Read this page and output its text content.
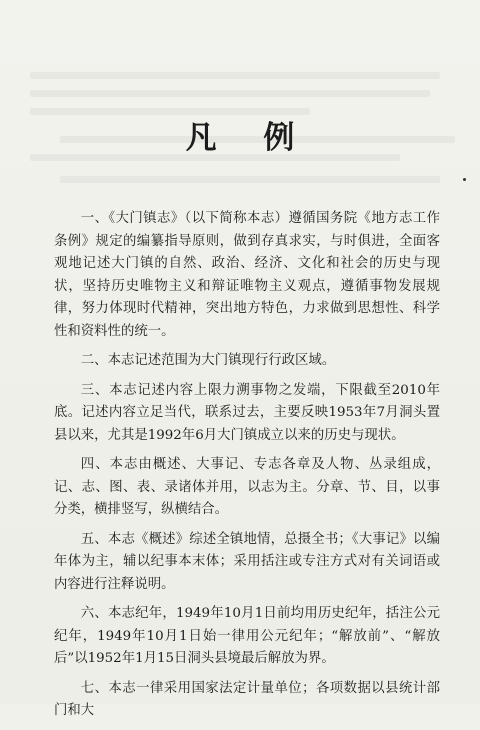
凡 例

一、《大门镇志》（以下简称本志）遵循国务院《地方志工作条例》规定的编纂指导原则，做到存真求实，与时俱进，全面客观地记述大门镇的自然、政治、经济、文化和社会的历史与现状，坚持历史唯物主义和辩证唯物主义观点，遵循事物发展规律，努力体现时代精神，突出地方特色，力求做到思想性、科学性和资料性的统一。

二、本志记述范围为大门镇现行行政区域。

三、本志记述内容上限力溯事物之发端，下限截至2010年底。记述内容立足当代，联系过去，主要反映1953年7月洞头置县以来，尤其是1992年6月大门镇成立以来的历史与现状。

四、本志由概述、大事记、专志各章及人物、丛录组成，记、志、图、表、录诸体并用，以志为主。分章、节、目，以事分类，横排竖写，纵横结合。

五、本志《概述》综述全镇地情，总摄全书；《大事记》以编年体为主，辅以纪事本末体；采用括注或专注方式对有关词语或内容进行注释说明。

六、本志纪年，1949年10月1日前均用历史纪年，括注公元纪年，1949年10月1日始一律用公元纪年；“解放前”、“解放后”以1952年1月15日洞头县境最后解放为界。

七、本志一律采用国家法定计量单位；各项数据以县统计部门和大
